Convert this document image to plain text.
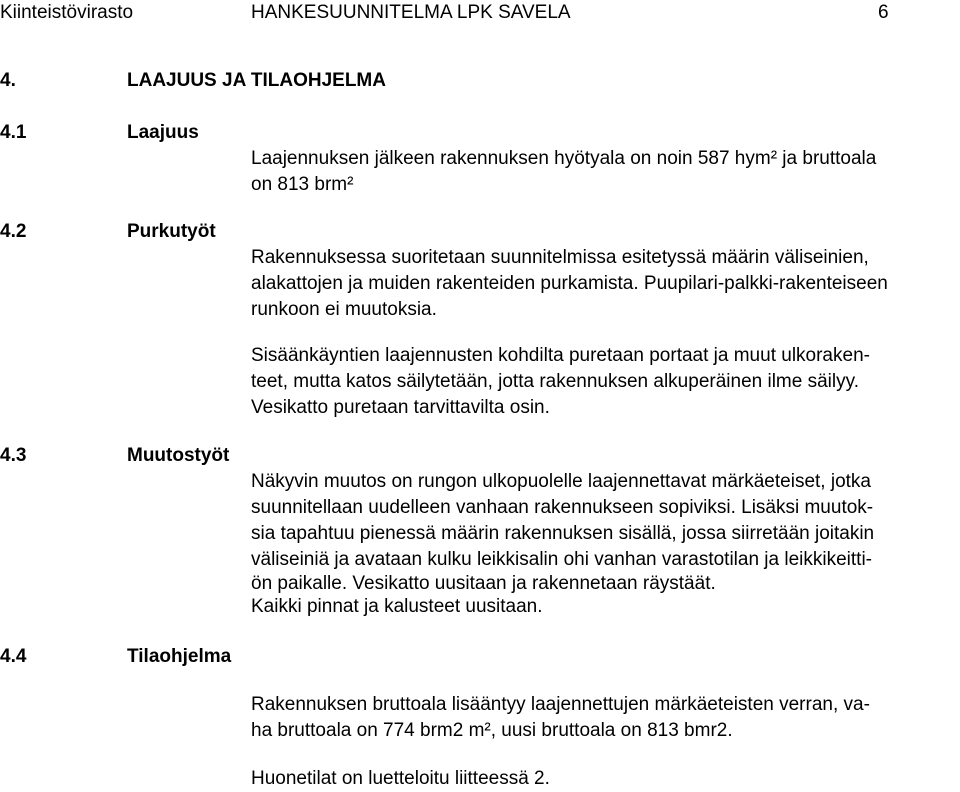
Kiinteistövirasto	HANKESUUNNITELMA LPK SAVELA	6
4.	LAAJUUS JA TILAOHJELMA
4.1	Laajuus
Laajennuksen jälkeen rakennuksen hyötyala on noin 587 hym² ja bruttoala
on 813 brm²
4.2	Purkutyöt
Rakennuksessa suoritetaan suunnitelmissa esitetyssä määrin väliseinien,
alakattojen ja muiden rakenteiden purkamista. Puupilari-palkki-rakenteiseen
runkoon ei muutoksia.
Sisäänkäyntien laajennusten kohdilta puretaan portaat ja muut ulkoraken-
teet, mutta katos säilytetään, jotta rakennuksen alkuperäinen ilme säilyy.
Vesikatto puretaan tarvittavilta osin.
4.3	Muutostyöt
Näkyvin muutos on rungon ulkopuolelle laajennettavat märkäeteiset, jotka
suunnitellaan uudelleen vanhaan rakennukseen sopiviksi. Lisäksi muutok-
sia tapahtuu pienessä määrin rakennuksen sisällä, jossa siirretään joitakin
väliseiniä ja avataan kulku leikkisalin ohi vanhan varastotilan ja leikkikeitti-
ön paikalle. Vesikatto uusitaan ja rakennetaan räystäät.
Kaikki pinnat ja kalusteet uusitaan.
4.4	Tilaohjelma
Rakennuksen bruttoala lisääntyy laajennettujen märkäeteisten verran, va-
ha bruttoala on 774 brm2 m², uusi bruttoala on 813 bmr2.
Huonetilat on luetteloitu liitteessä 2.
